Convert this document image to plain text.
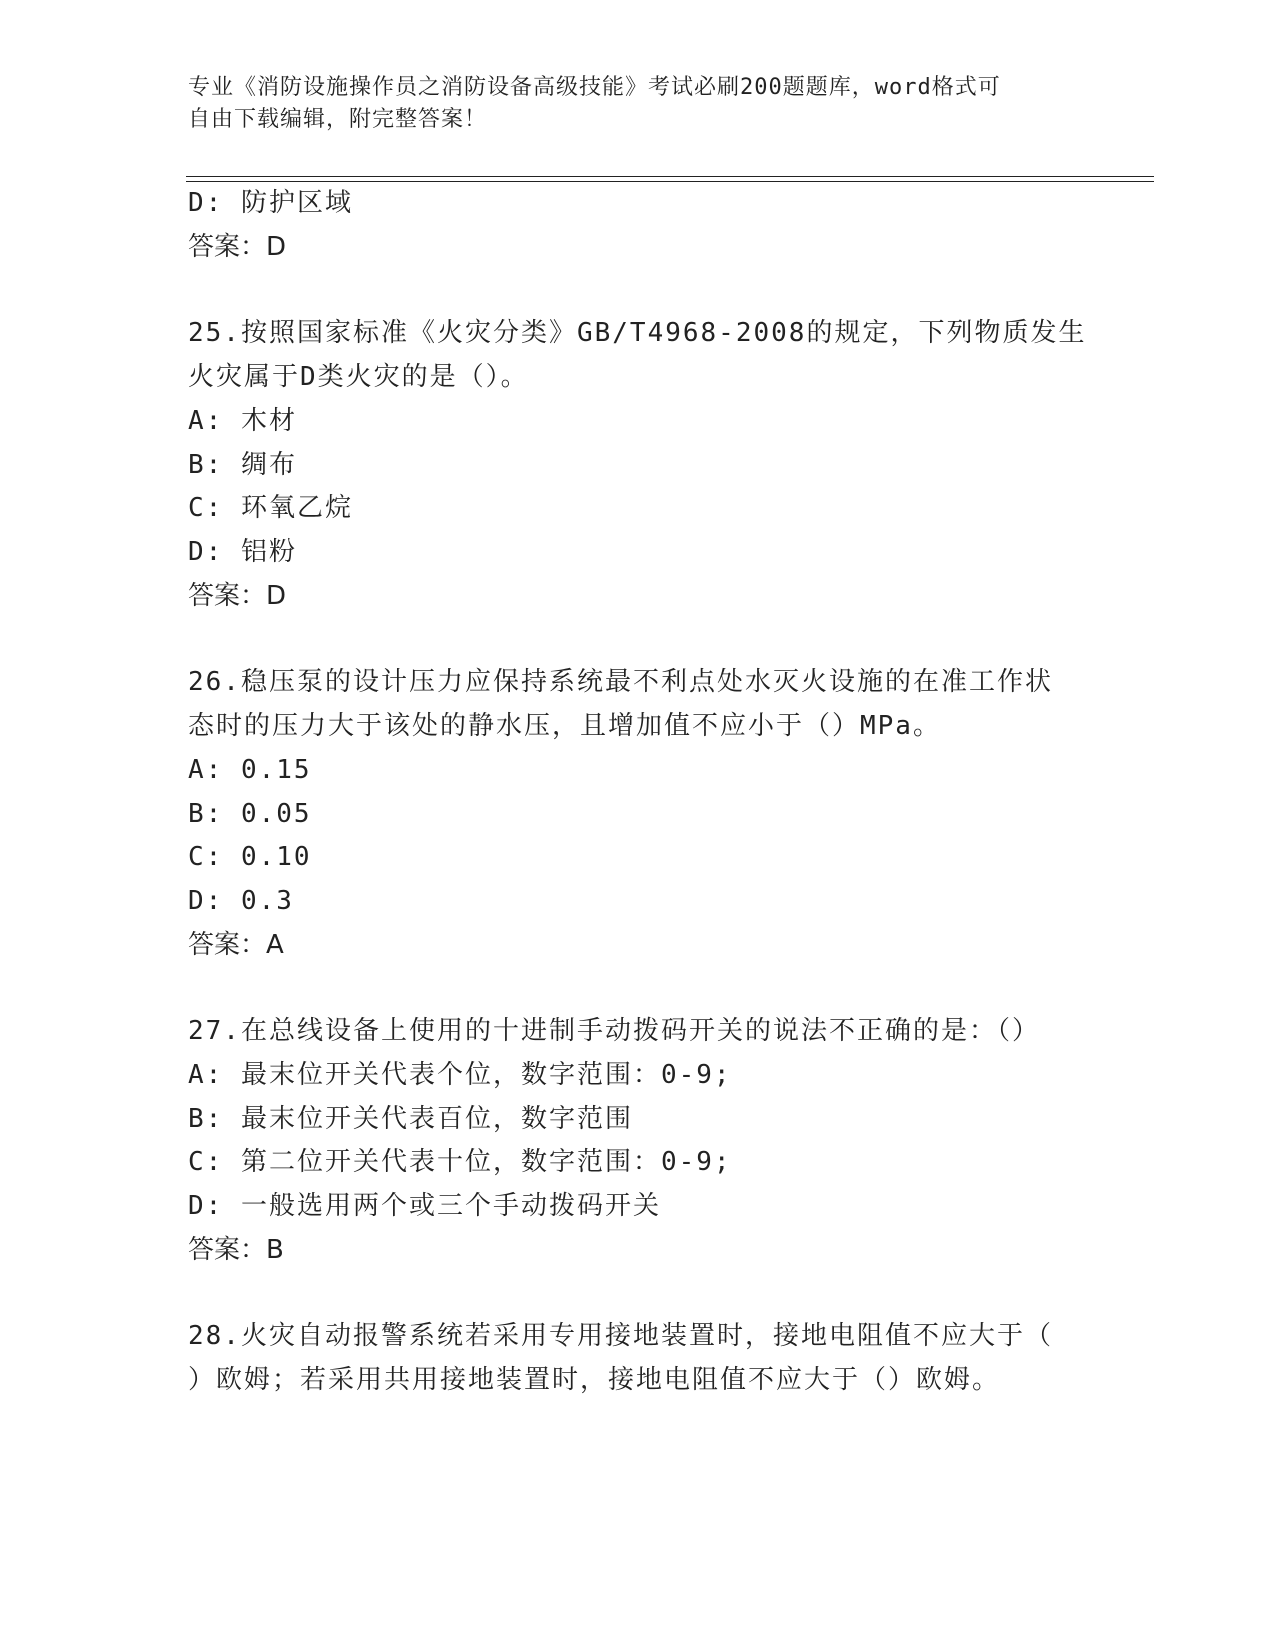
专业《消防设施操作员之消防设备高级技能》考试必刷200题题库，word格式可
自由下载编辑，附完整答案！
D: 防护区域
答案：D
25.按照国家标准《火灾分类》GB/T4968-2008的规定，下列物质发生
火灾属于D类火灾的是（）。
A: 木材
B: 绸布
C: 环氧乙烷
D: 铝粉
答案：D
26.稳压泵的设计压力应保持系统最不利点处水灭火设施的在准工作状
态时的压力大于该处的静水压，且增加值不应小于（）MPa。
A: 0.15
B: 0.05
C: 0.10
D: 0.3
答案：A
27.在总线设备上使用的十进制手动拨码开关的说法不正确的是：（）
A: 最末位开关代表个位，数字范围：0-9;
B: 最末位开关代表百位，数字范围
C: 第二位开关代表十位，数字范围：0-9;
D: 一般选用两个或三个手动拨码开关
答案：B
28.火灾自动报警系统若采用专用接地装置时，接地电阻值不应大于（
）欧姆；若采用共用接地装置时，接地电阻值不应大于（）欧姆。
